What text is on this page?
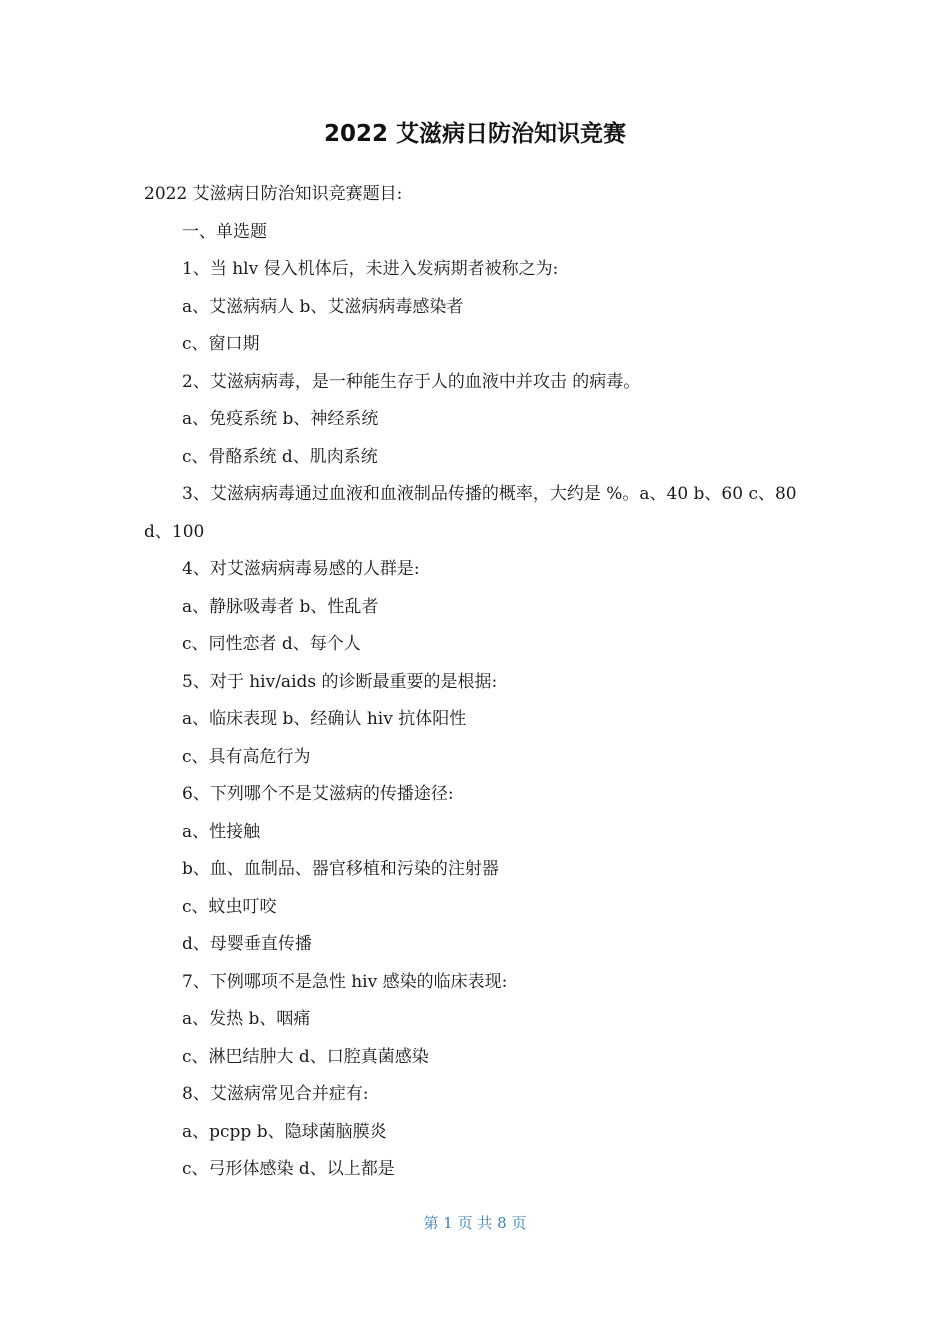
2022 艾滋病日防治知识竞赛

2022 艾滋病日防治知识竞赛题目:

一、单选题

1、当 hlv 侵入机体后，未进入发病期者被称之为:

a、艾滋病病人 b、艾滋病病毒感染者

c、窗口期

2、艾滋病病毒，是一种能生存于人的血液中并攻击 的病毒。

a、免疫系统 b、神经系统

c、骨酪系统 d、肌肉系统

3、艾滋病病毒通过血液和血液制品传播的概率，大约是 %。a、40 b、60 c、80 d、100

4、对艾滋病病毒易感的人群是:

a、静脉吸毒者 b、性乱者

c、同性恋者 d、每个人

5、对于 hiv/aids 的诊断最重要的是根据:

a、临床表现 b、经确认 hiv 抗体阳性

c、具有高危行为

6、下列哪个不是艾滋病的传播途径:

a、性接触

b、血、血制品、器官移植和污染的注射器

c、蚊虫叮咬

d、母婴垂直传播

7、下例哪项不是急性 hiv 感染的临床表现:

a、发热 b、咽痛

c、淋巴结肿大 d、口腔真菌感染

8、艾滋病常见合并症有:

a、pcpp b、隐球菌脑膜炎

c、弓形体感染 d、以上都是

第 1 页 共 8 页
